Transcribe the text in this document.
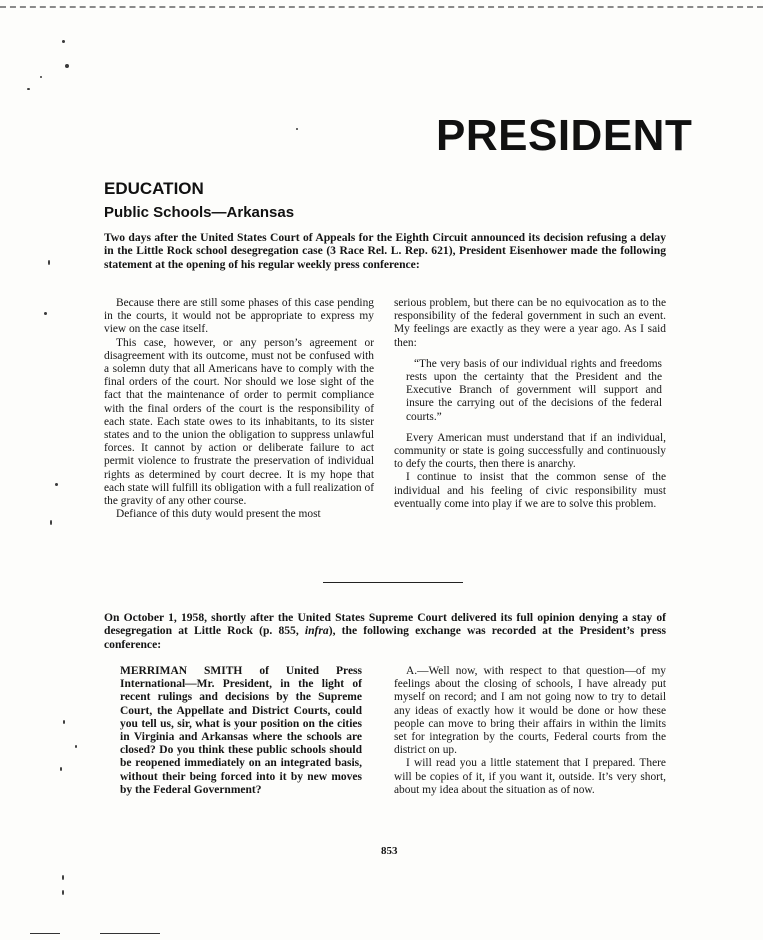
PRESIDENT
EDUCATION
Public Schools—Arkansas

Two days after the United States Court of Appeals for the Eighth Circuit announced its decision refusing a delay in the Little Rock school desegregation case (3 Race Rel. L. Rep. 621), President Eisenhower made the following statement at the opening of his regular weekly press conference:

Because there are still some phases of this case pending in the courts, it would not be appropriate to express my view on the case itself.

This case, however, or any person’s agreement or disagreement with its outcome, must not be confused with a solemn duty that all Americans have to comply with the final orders of the court. Nor should we lose sight of the fact that the maintenance of order to permit compliance with the final orders of the court is the responsibility of each state. Each state owes to its inhabitants, to its sister states and to the union the obligation to suppress unlawful forces. It cannot by action or deliberate failure to act permit violence to frustrate the preservation of individual rights as determined by court decree. It is my hope that each state will fulfill its obligation with a full realization of the gravity of any other course.

Defiance of this duty would present the most

serious problem, but there can be no equivocation as to the responsibility of the federal government in such an event. My feelings are exactly as they were a year ago. As I said then:

“The very basis of our individual rights and freedoms rests upon the certainty that the President and the Executive Branch of government will support and insure the carrying out of the decisions of the federal courts.”

Every American must understand that if an individual, community or state is going successfully and continuously to defy the courts, then there is anarchy.

I continue to insist that the common sense of the individual and his feeling of civic responsibility must eventually come into play if we are to solve this problem.

On October 1, 1958, shortly after the United States Supreme Court delivered its full opinion denying a stay of desegregation at Little Rock (p. 855, infra), the following exchange was recorded at the President’s press conference:

MERRIMAN SMITH of United Press International—Mr. President, in the light of recent rulings and decisions by the Supreme Court, the Appellate and District Courts, could you tell us, sir, what is your position on the cities in Virginia and Arkansas where the schools are closed? Do you think these public schools should be reopened immediately on an integrated basis, without their being forced into it by new moves by the Federal Government?

A.—Well now, with respect to that question—of my feelings about the closing of schools, I have already put myself on record; and I am not going now to try to detail any ideas of exactly how it would be done or how these people can move to bring their affairs in within the limits set for integration by the courts, Federal courts from the district on up.

I will read you a little statement that I prepared. There will be copies of it, if you want it, outside. It’s very short, about my idea about the situation as of now.

853
